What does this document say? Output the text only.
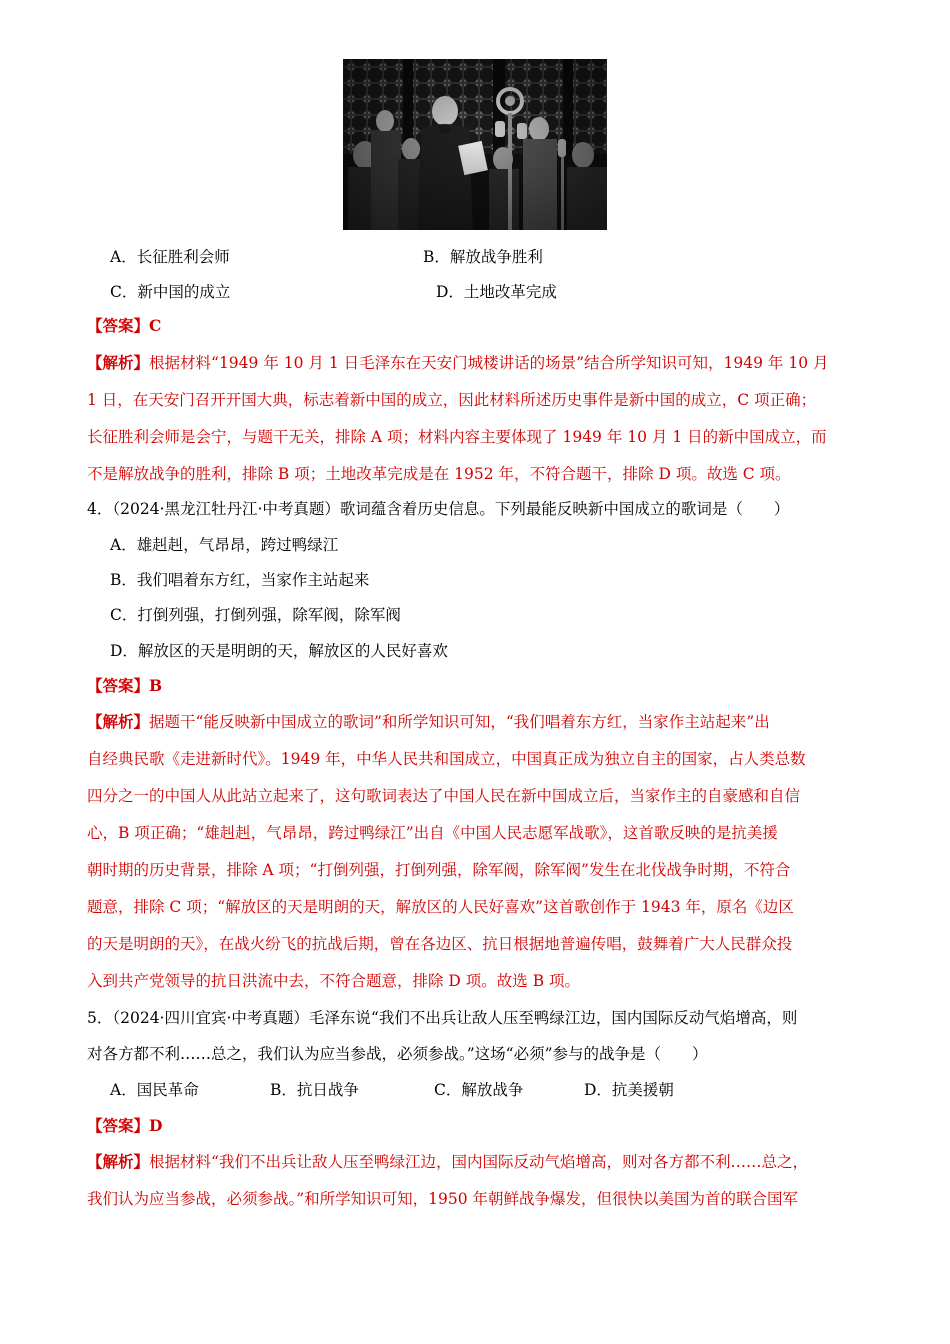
A．长征胜利会师	B．解放战争胜利
C．新中国的成立	D．土地改革完成
【答案】C
【解析】根据材料“1949 年 10 月 1 日毛泽东在天安门城楼讲话的场景”结合所学知识可知，1949 年 10 月
1 日，在天安门召开开国大典，标志着新中国的成立，因此材料所述历史事件是新中国的成立，C 项正确；
长征胜利会师是会宁，与题干无关，排除 A 项；材料内容主要体现了 1949 年 10 月 1 日的新中国成立，而
不是解放战争的胜利，排除 B 项；土地改革完成是在 1952 年，不符合题干，排除 D 项。故选 C 项。
4．（2024·黑龙江牡丹江·中考真题）歌词蕴含着历史信息。下列最能反映新中国成立的歌词是（　　）
A．雄赳赳，气昂昂，跨过鸭绿江
B．我们唱着东方红，当家作主站起来
C．打倒列强，打倒列强，除军阀，除军阀
D．解放区的天是明朗的天，解放区的人民好喜欢
【答案】B
【解析】据题干“能反映新中国成立的歌词”和所学知识可知，“我们唱着东方红，当家作主站起来”出
自经典民歌《走进新时代》。1949 年，中华人民共和国成立，中国真正成为独立自主的国家，占人类总数
四分之一的中国人从此站立起来了，这句歌词表达了中国人民在新中国成立后，当家作主的自豪感和自信
心，B 项正确；“雄赳赳，气昂昂，跨过鸭绿江”出自《中国人民志愿军战歌》，这首歌反映的是抗美援
朝时期的历史背景，排除 A 项；“打倒列强，打倒列强，除军阀，除军阀”发生在北伐战争时期，不符合
题意，排除 C 项；“解放区的天是明朗的天，解放区的人民好喜欢”这首歌创作于 1943 年，原名《边区
的天是明朗的天》，在战火纷飞的抗战后期，曾在各边区、抗日根据地普遍传唱，鼓舞着广大人民群众投
入到共产党领导的抗日洪流中去，不符合题意，排除 D 项。故选 B 项。
5．（2024·四川宜宾·中考真题）毛泽东说“我们不出兵让敌人压至鸭绿江边，国内国际反动气焰增高，则
对各方都不利……总之，我们认为应当参战，必须参战。”这场“必须”参与的战争是（　　）
A．国民革命	B．抗日战争	C．解放战争	D．抗美援朝
【答案】D
【解析】根据材料“我们不出兵让敌人压至鸭绿江边，国内国际反动气焰增高，则对各方都不利……总之，
我们认为应当参战，必须参战。”和所学知识可知，1950 年朝鲜战争爆发，但很快以美国为首的联合国军
